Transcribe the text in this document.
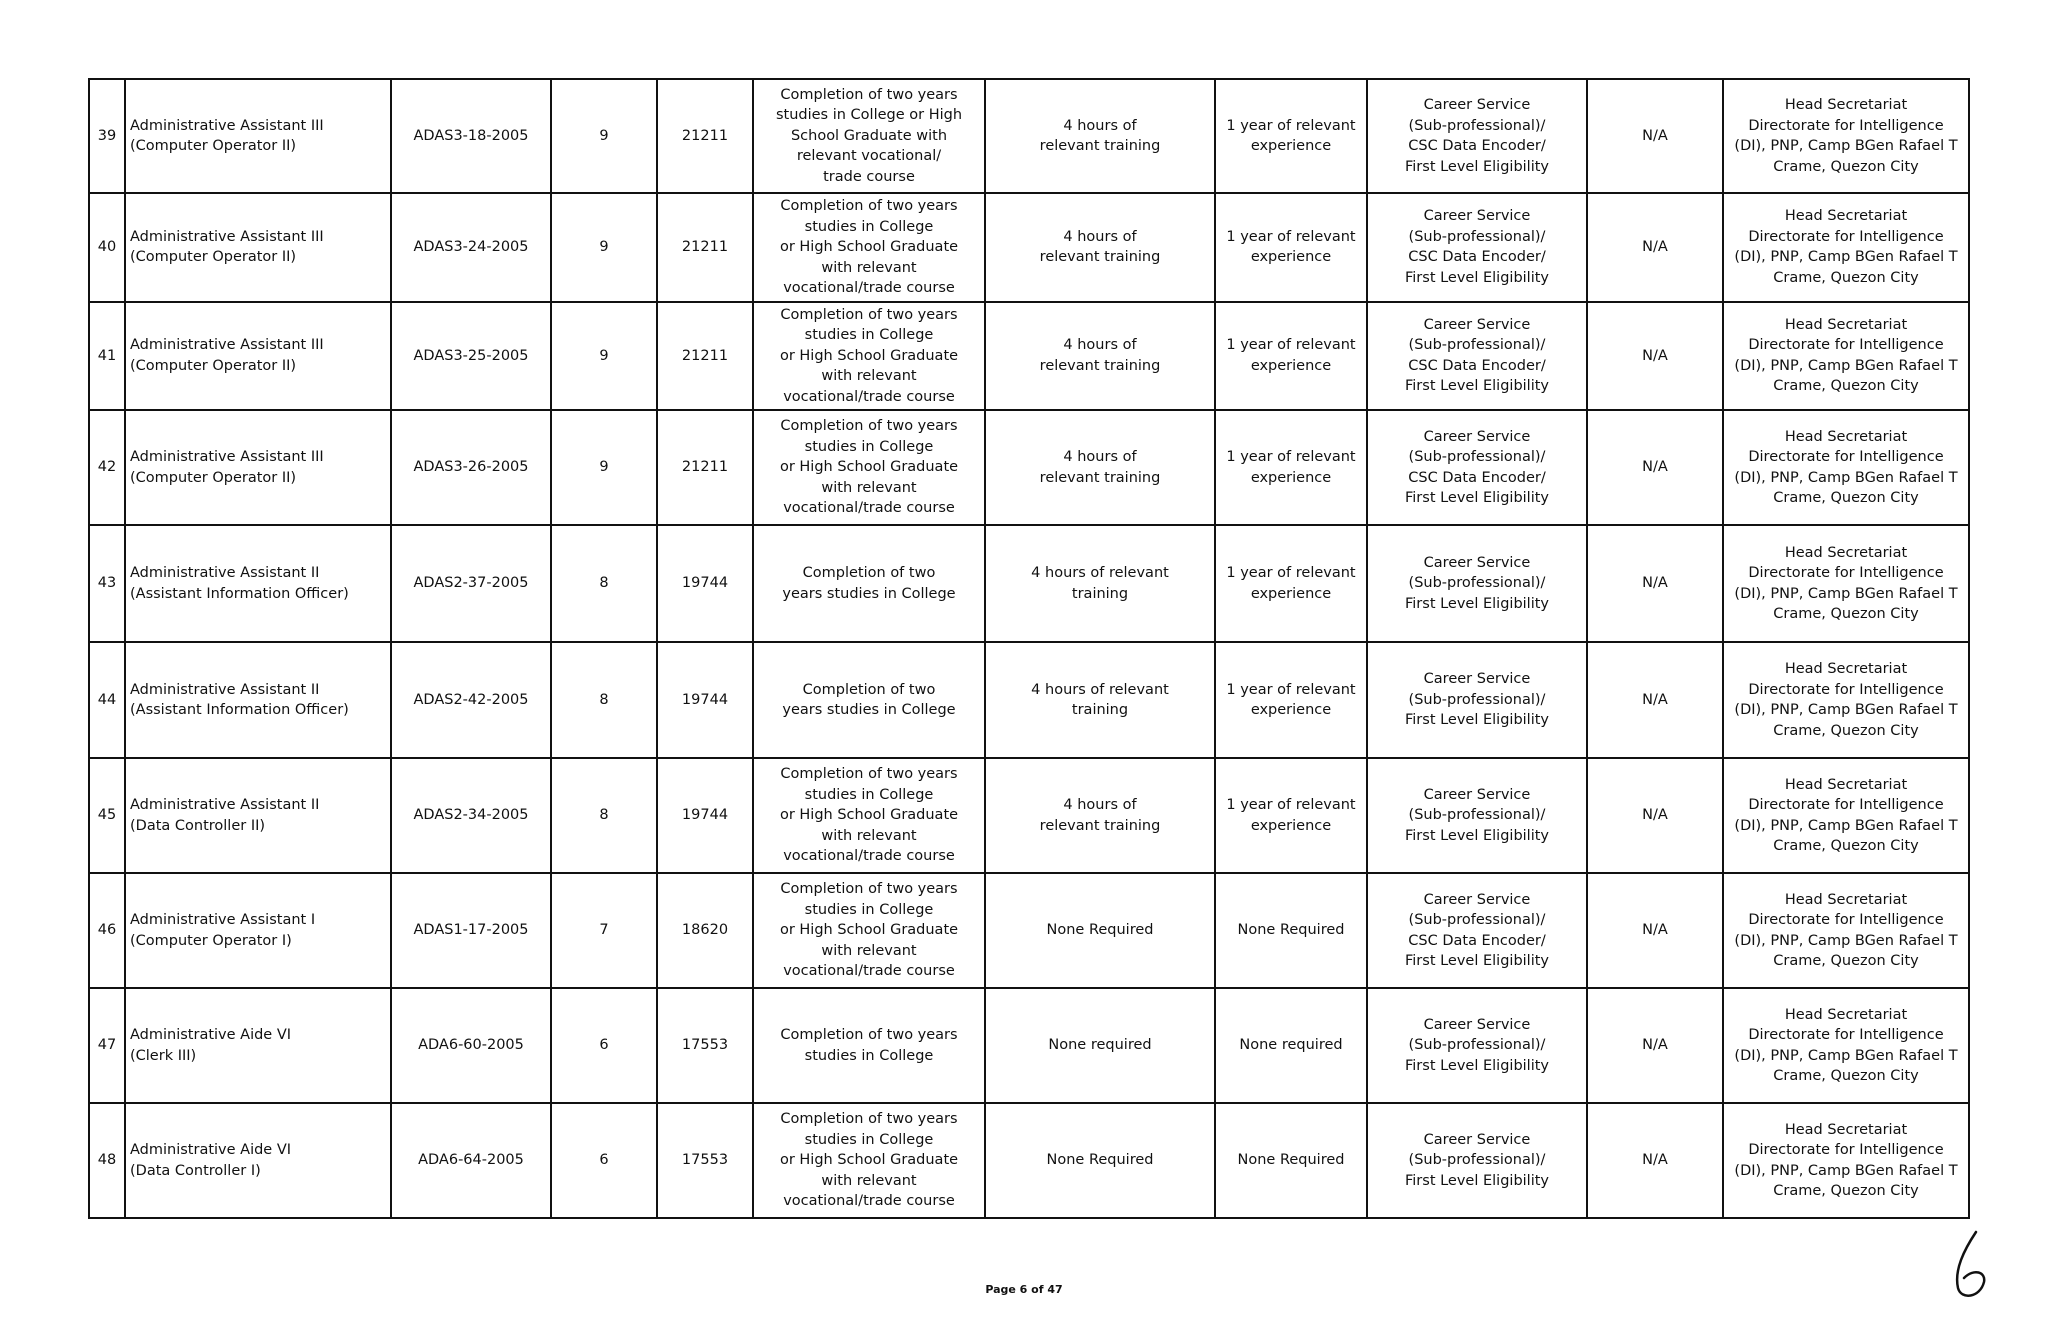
39	Administrative Assistant III
(Computer Operator II)	ADAS3-18-2005	9	21211	Completion of two years
studies in College or High
School Graduate with
relevant vocational/
trade course	4 hours of
relevant training	1 year of relevant
experience	Career Service
(Sub-professional)/
CSC Data Encoder/
First Level Eligibility	N/A	Head Secretariat
Directorate for Intelligence
(DI), PNP, Camp BGen Rafael T
Crame, Quezon City
40	Administrative Assistant III
(Computer Operator II)	ADAS3-24-2005	9	21211	Completion of two years
studies in College
or High School Graduate
with relevant
vocational/trade course	4 hours of
relevant training	1 year of relevant
experience	Career Service
(Sub-professional)/
CSC Data Encoder/
First Level Eligibility	N/A	Head Secretariat
Directorate for Intelligence
(DI), PNP, Camp BGen Rafael T
Crame, Quezon City
41	Administrative Assistant III
(Computer Operator II)	ADAS3-25-2005	9	21211	Completion of two years
studies in College
or High School Graduate
with relevant
vocational/trade course	4 hours of
relevant training	1 year of relevant
experience	Career Service
(Sub-professional)/
CSC Data Encoder/
First Level Eligibility	N/A	Head Secretariat
Directorate for Intelligence
(DI), PNP, Camp BGen Rafael T
Crame, Quezon City
42	Administrative Assistant III
(Computer Operator II)	ADAS3-26-2005	9	21211	Completion of two years
studies in College
or High School Graduate
with relevant
vocational/trade course	4 hours of
relevant training	1 year of relevant
experience	Career Service
(Sub-professional)/
CSC Data Encoder/
First Level Eligibility	N/A	Head Secretariat
Directorate for Intelligence
(DI), PNP, Camp BGen Rafael T
Crame, Quezon City
43	Administrative Assistant II
(Assistant Information Officer)	ADAS2-37-2005	8	19744	Completion of two
years studies in College	4 hours of relevant
training	1 year of relevant
experience	Career Service
(Sub-professional)/
First Level Eligibility	N/A	Head Secretariat
Directorate for Intelligence
(DI), PNP, Camp BGen Rafael T
Crame, Quezon City
44	Administrative Assistant II
(Assistant Information Officer)	ADAS2-42-2005	8	19744	Completion of two
years studies in College	4 hours of relevant
training	1 year of relevant
experience	Career Service
(Sub-professional)/
First Level Eligibility	N/A	Head Secretariat
Directorate for Intelligence
(DI), PNP, Camp BGen Rafael T
Crame, Quezon City
45	Administrative Assistant II
(Data Controller II)	ADAS2-34-2005	8	19744	Completion of two years
studies in College
or High School Graduate
with relevant
vocational/trade course	4 hours of
relevant training	1 year of relevant
experience	Career Service
(Sub-professional)/
First Level Eligibility	N/A	Head Secretariat
Directorate for Intelligence
(DI), PNP, Camp BGen Rafael T
Crame, Quezon City
46	Administrative Assistant I
(Computer Operator I)	ADAS1-17-2005	7	18620	Completion of two years
studies in College
or High School Graduate
with relevant
vocational/trade course	None Required	None Required	Career Service
(Sub-professional)/
CSC Data Encoder/
First Level Eligibility	N/A	Head Secretariat
Directorate for Intelligence
(DI), PNP, Camp BGen Rafael T
Crame, Quezon City
47	Administrative Aide VI
(Clerk III)	ADA6-60-2005	6	17553	Completion of two years
studies in College	None required	None required	Career Service
(Sub-professional)/
First Level Eligibility	N/A	Head Secretariat
Directorate for Intelligence
(DI), PNP, Camp BGen Rafael T
Crame, Quezon City
48	Administrative Aide VI
(Data Controller I)	ADA6-64-2005	6	17553	Completion of two years
studies in College
or High School Graduate
with relevant
vocational/trade course	None Required	None Required	Career Service
(Sub-professional)/
First Level Eligibility	N/A	Head Secretariat
Directorate for Intelligence
(DI), PNP, Camp BGen Rafael T
Crame, Quezon City
Page 6 of 47
